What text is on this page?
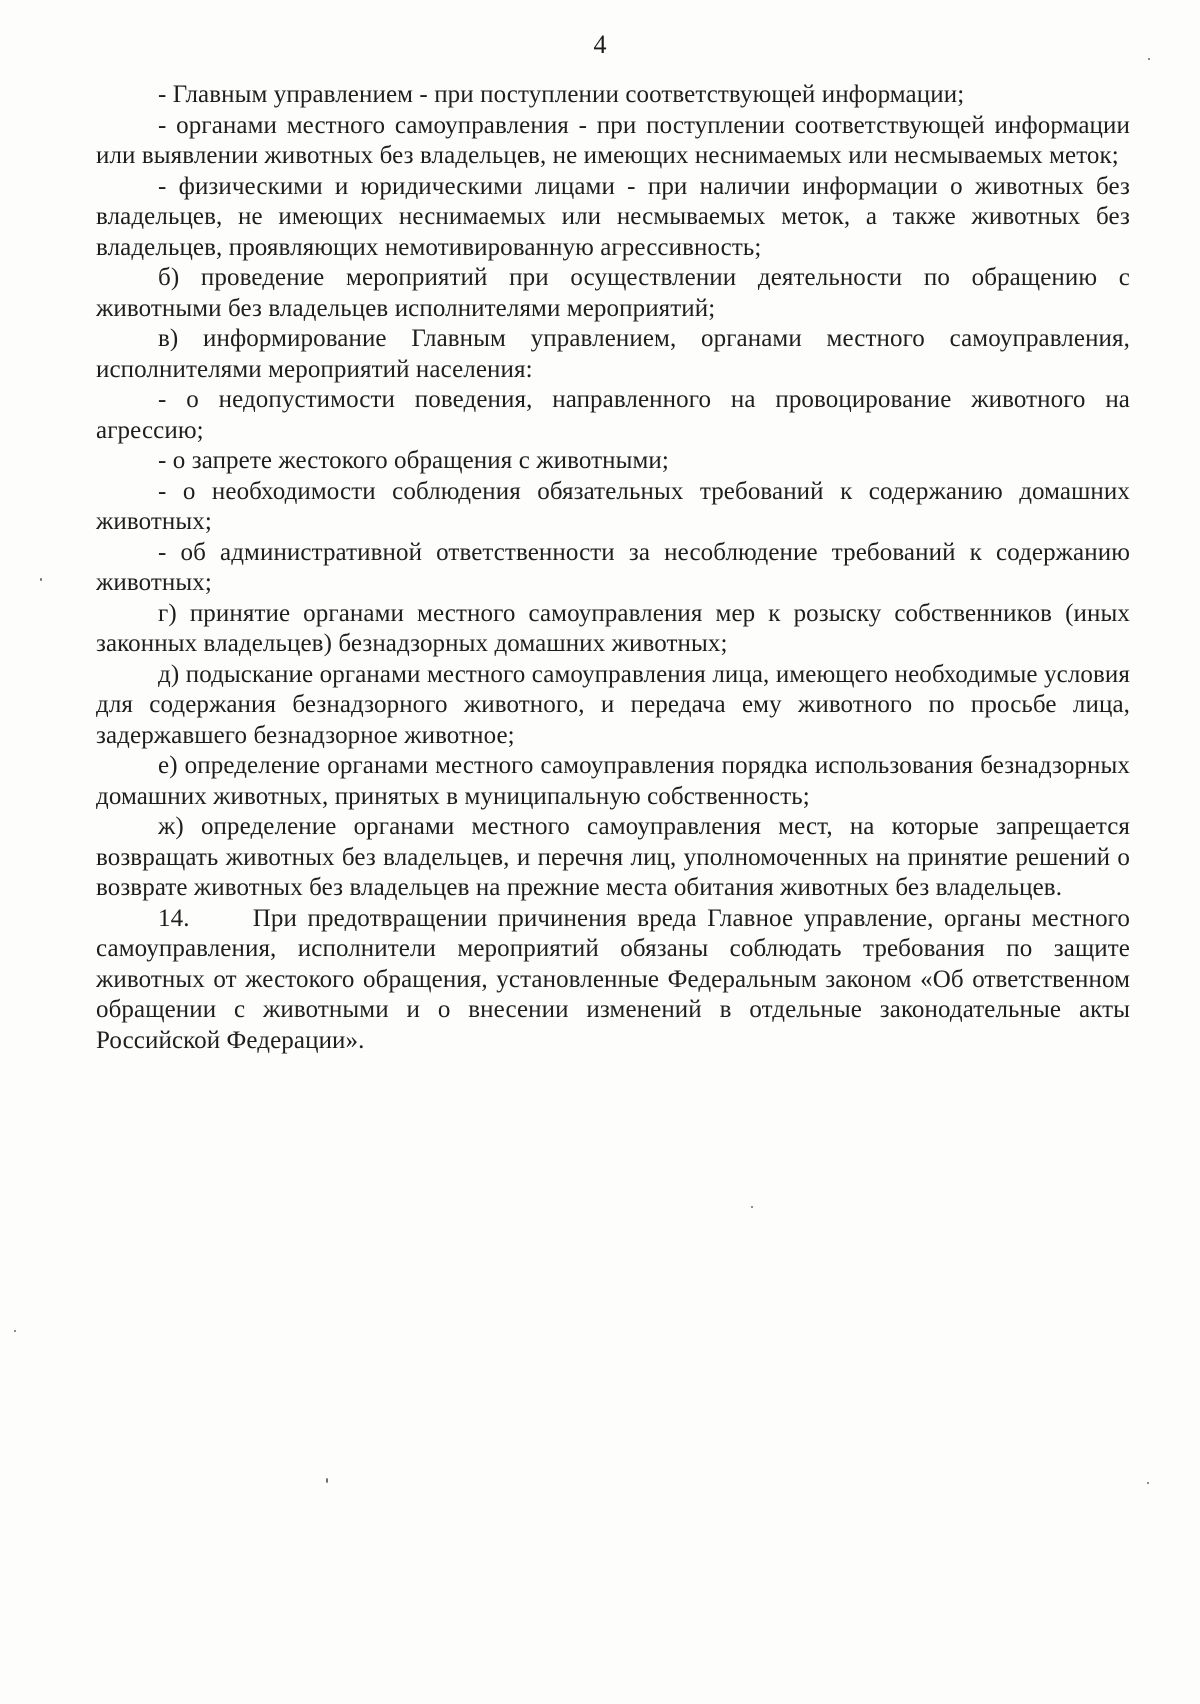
4

- Главным управлением - при поступлении соответствующей информации;

- органами местного самоуправления - при поступлении соответствующей информации или выявлении животных без владельцев, не имеющих неснимаемых или несмываемых меток;

- физическими и юридическими лицами - при наличии информации о животных без владельцев, не имеющих неснимаемых или несмываемых меток, а также животных без владельцев, проявляющих немотивированную агрессивность;

б) проведение мероприятий при осуществлении деятельности по обращению с животными без владельцев исполнителями мероприятий;

в) информирование Главным управлением, органами местного самоуправления, исполнителями мероприятий населения:

- о недопустимости поведения, направленного на провоцирование животного на агрессию;

- о запрете жестокого обращения с животными;

- о необходимости соблюдения обязательных требований к содержанию домашних животных;

- об административной ответственности за несоблюдение требований к содержанию животных;

г) принятие органами местного самоуправления мер к розыску собственников (иных законных владельцев) безнадзорных домашних животных;

д) подыскание органами местного самоуправления лица, имеющего необходимые условия для содержания безнадзорного животного, и передача ему животного по просьбе лица, задержавшего безнадзорное животное;

е) определение органами местного самоуправления порядка использования безнадзорных домашних животных, принятых в муниципальную собственность;

ж) определение органами местного самоуправления мест, на которые запрещается возвращать животных без владельцев, и перечня лиц, уполномоченных на принятие решений о возврате животных без владельцев на прежние места обитания животных без владельцев.

14.      При предотвращении причинения вреда Главное управление, органы местного самоуправления, исполнители мероприятий обязаны соблюдать требования по защите животных от жестокого обращения, установленные Федеральным законом «Об ответственном обращении с животными и о внесении изменений в отдельные законодательные акты Российской Федерации».
